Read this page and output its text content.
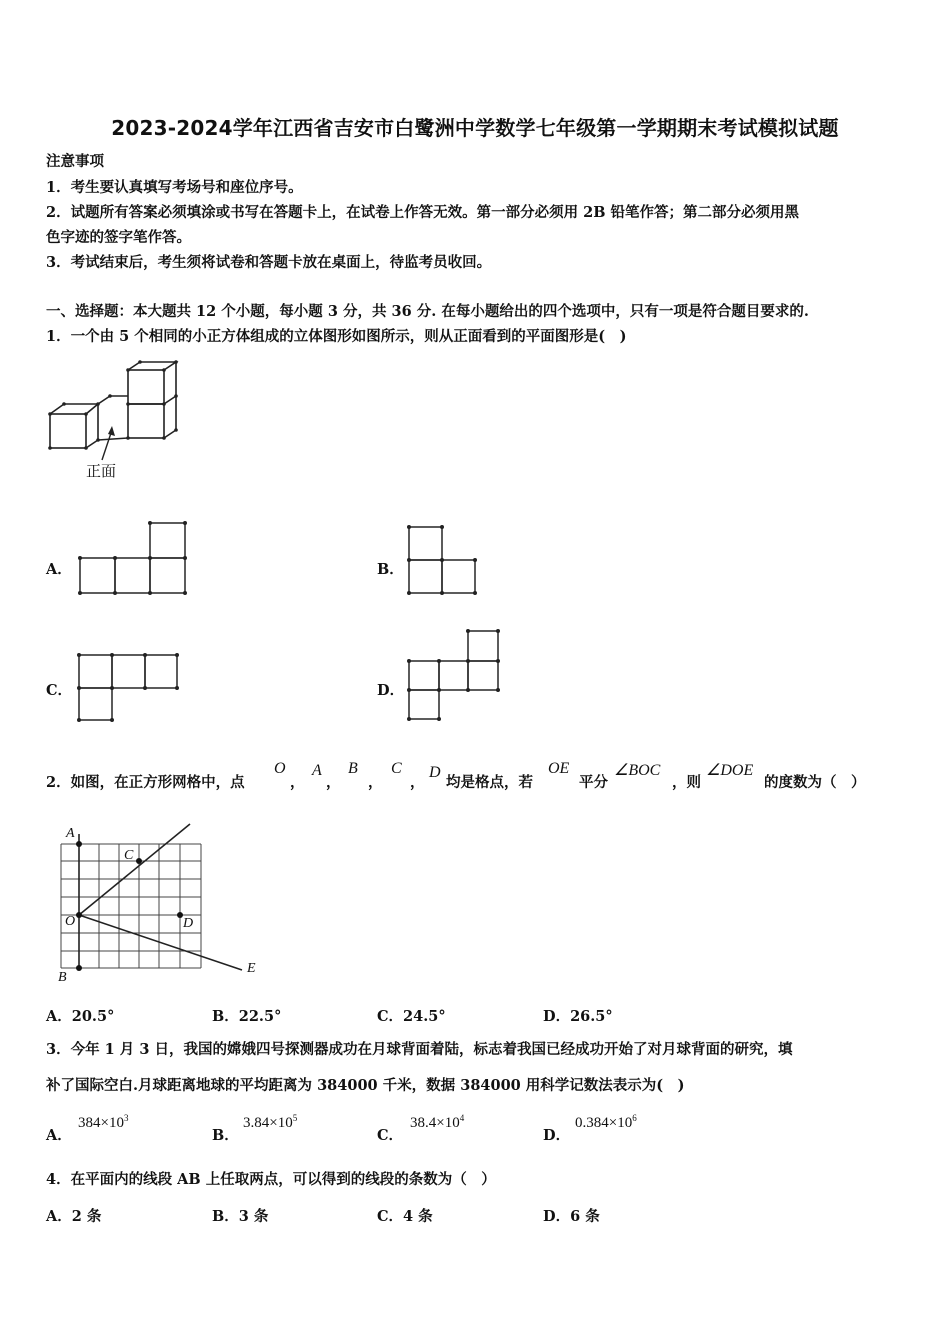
2023-2024学年江西省吉安市白鹭洲中学数学七年级第一学期期末考试模拟试题
注意事项
1．考生要认真填写考场号和座位序号。
2．试题所有答案必须填涂或书写在答题卡上，在试卷上作答无效。第一部分必须用 2B 铅笔作答；第二部分必须用黑
色字迹的签字笔作答。
3．考试结束后，考生须将试卷和答题卡放在桌面上，待监考员收回。
一、选择题：本大题共 12 个小题，每小题 3 分，共 36 分. 在每小题给出的四个选项中，只有一项是符合题目要求的.
1．一个由 5 个相同的小正方体组成的立体图形如图所示，则从正面看到的平面图形是(　)
正面
A．	B．
C．	D．
2．如图，在正方形网格中，点
O
，
A
，
B
，
C
，
D
均是格点，若
OE
平分
∠BOC
，则
∠DOE
的度数为（　）
A
C
O	D
B
E
A．20.5°	B．22.5°	C．24.5°	D．26.5°
3．今年 1 月 3 日，我国的嫦娥四号探测器成功在月球背面着陆，标志着我国已经成功开始了对月球背面的研究，填
补了国际空白.月球距离地球的平均距离为 384000 千米，数据 384000 用科学记数法表示为(　)
A．
$384\times 10^3$
B．
$3.84\times 10^5$
C．
$38.4\times 10^4$
D．
$0.384\times 10^6$
4．在平面内的线段 AB 上任取两点，可以得到的线段的条数为（　）
A．2 条	B．3 条	C．4 条	D．6 条
